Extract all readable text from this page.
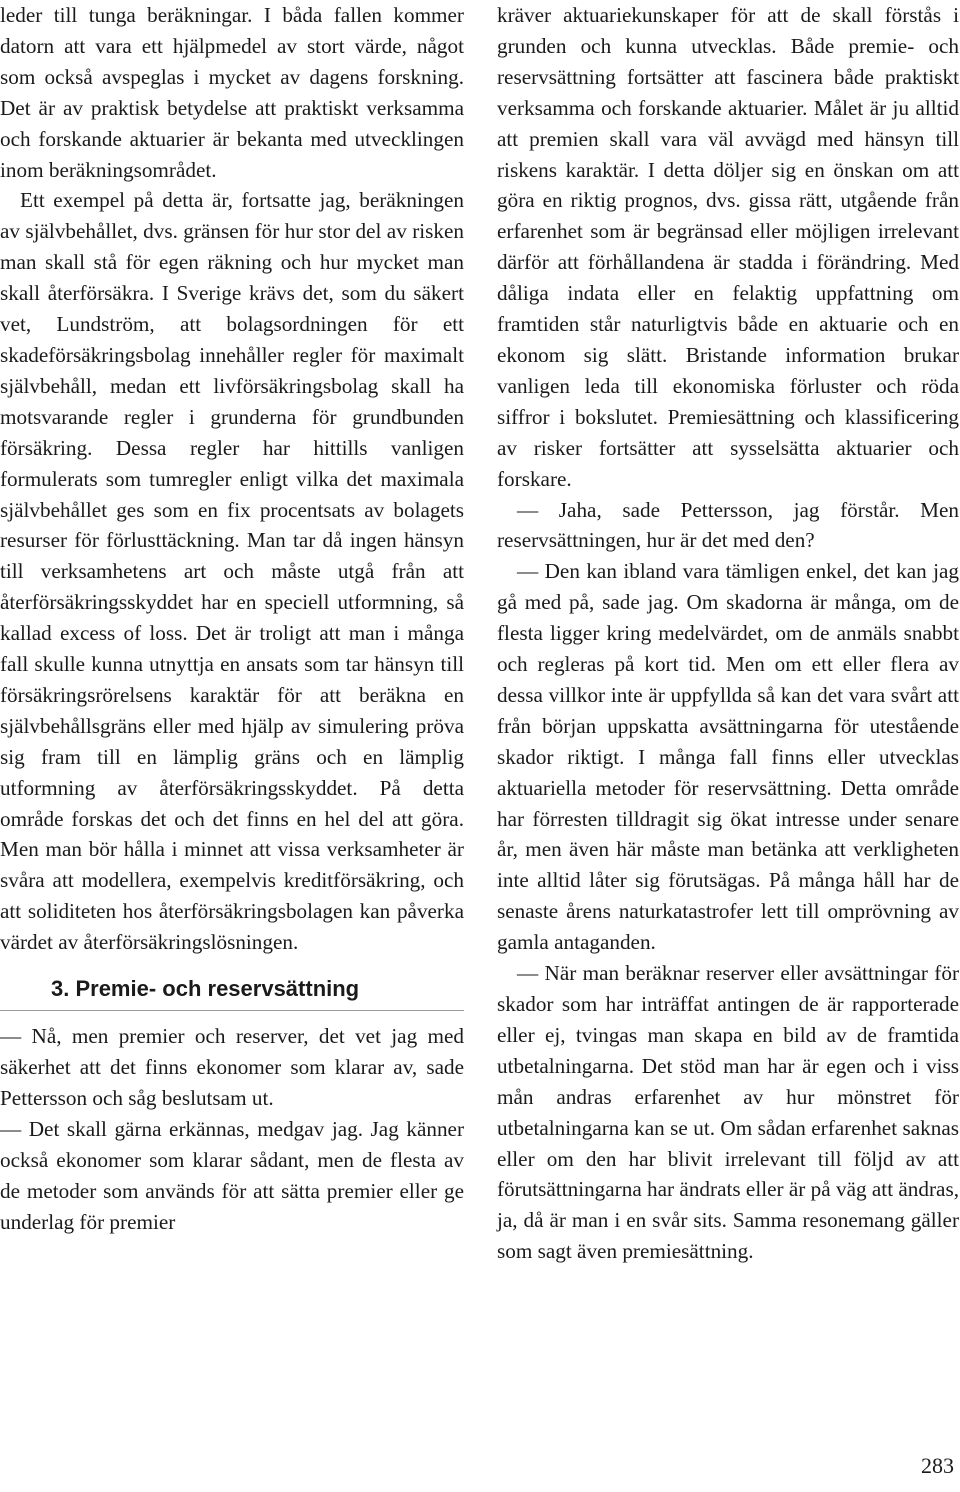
leder till tunga beräkningar. I båda fallen kommer datorn att vara ett hjälpmedel av stort värde, något som också avspeglas i mycket av dagens forskning. Det är av praktisk betydelse att praktiskt verksamma och forskande aktuarier är bekanta med utvecklingen inom beräkningsområdet.

Ett exempel på detta är, fortsatte jag, beräkningen av självbehållet, dvs. gränsen för hur stor del av risken man skall stå för egen räkning och hur mycket man skall återförsäkra. I Sverige krävs det, som du säkert vet, Lundström, att bolagsordningen för ett skadeförsäkringsbolag innehåller regler för maximalt självbehåll, medan ett livförsäkringsbolag skall ha motsvarande regler i grunderna för grundbunden försäkring. Dessa regler har hittills vanligen formulerats som tumregler enligt vilka det maximala självbehållet ges som en fix procentsats av bolagets resurser för förlusttäckning. Man tar då ingen hänsyn till verksamhetens art och måste utgå från att återförsäkringsskyddet har en speciell utformning, så kallad excess of loss. Det är troligt att man i många fall skulle kunna utnyttja en ansats som tar hänsyn till försäkringsrörelsens karaktär för att beräkna en självbehållsgräns eller med hjälp av simulering pröva sig fram till en lämplig gräns och en lämplig utformning av återförsäkringsskyddet. På detta område forskas det och det finns en hel del att göra. Men man bör hålla i minnet att vissa verksamheter är svåra att modellera, exempelvis kreditförsäkring, och att soliditeten hos återförsäkringsbolagen kan påverka värdet av återförsäkringslösningen.

3. Premie- och reservsättning

— Nå, men premier och reserver, det vet jag med säkerhet att det finns ekonomer som klarar av, sade Pettersson och såg beslutsam ut.

— Det skall gärna erkännas, medgav jag. Jag känner också ekonomer som klarar sådant, men de flesta av de metoder som används för att sätta premier eller ge underlag för premier

kräver aktuariekunskaper för att de skall förstås i grunden och kunna utvecklas. Både premie- och reservsättning fortsätter att fascinera både praktiskt verksamma och forskande aktuarier. Målet är ju alltid att premien skall vara väl avvägd med hänsyn till riskens karaktär. I detta döljer sig en önskan om att göra en riktig prognos, dvs. gissa rätt, utgående från erfarenhet som är begränsad eller möjligen irrelevant därför att förhållandena är stadda i förändring. Med dåliga indata eller en felaktig uppfattning om framtiden står naturligtvis både en aktuarie och en ekonom sig slätt. Bristande information brukar vanligen leda till ekonomiska förluster och röda siffror i bokslutet. Premiesättning och klassificering av risker fortsätter att sysselsätta aktuarier och forskare.

— Jaha, sade Pettersson, jag förstår. Men reservsättningen, hur är det med den?

— Den kan ibland vara tämligen enkel, det kan jag gå med på, sade jag. Om skadorna är många, om de flesta ligger kring medelvärdet, om de anmäls snabbt och regleras på kort tid. Men om ett eller flera av dessa villkor inte är uppfyllda så kan det vara svårt att från början uppskatta avsättningarna för utestående skador riktigt. I många fall finns eller utvecklas aktuariella metoder för reservsättning. Detta område har förresten tilldragit sig ökat intresse under senare år, men även här måste man betänka att verkligheten inte alltid låter sig förutsägas. På många håll har de senaste årens naturkatastrofer lett till omprövning av gamla antaganden.

— När man beräknar reserver eller avsättningar för skador som har inträffat antingen de är rapporterade eller ej, tvingas man skapa en bild av de framtida utbetalningarna. Det stöd man har är egen och i viss mån andras erfarenhet av hur mönstret för utbetalningarna kan se ut. Om sådan erfarenhet saknas eller om den har blivit irrelevant till följd av att förutsättningarna har ändrats eller är på väg att ändras, ja, då är man i en svår sits. Samma resonemang gäller som sagt även premiesättning.

283
